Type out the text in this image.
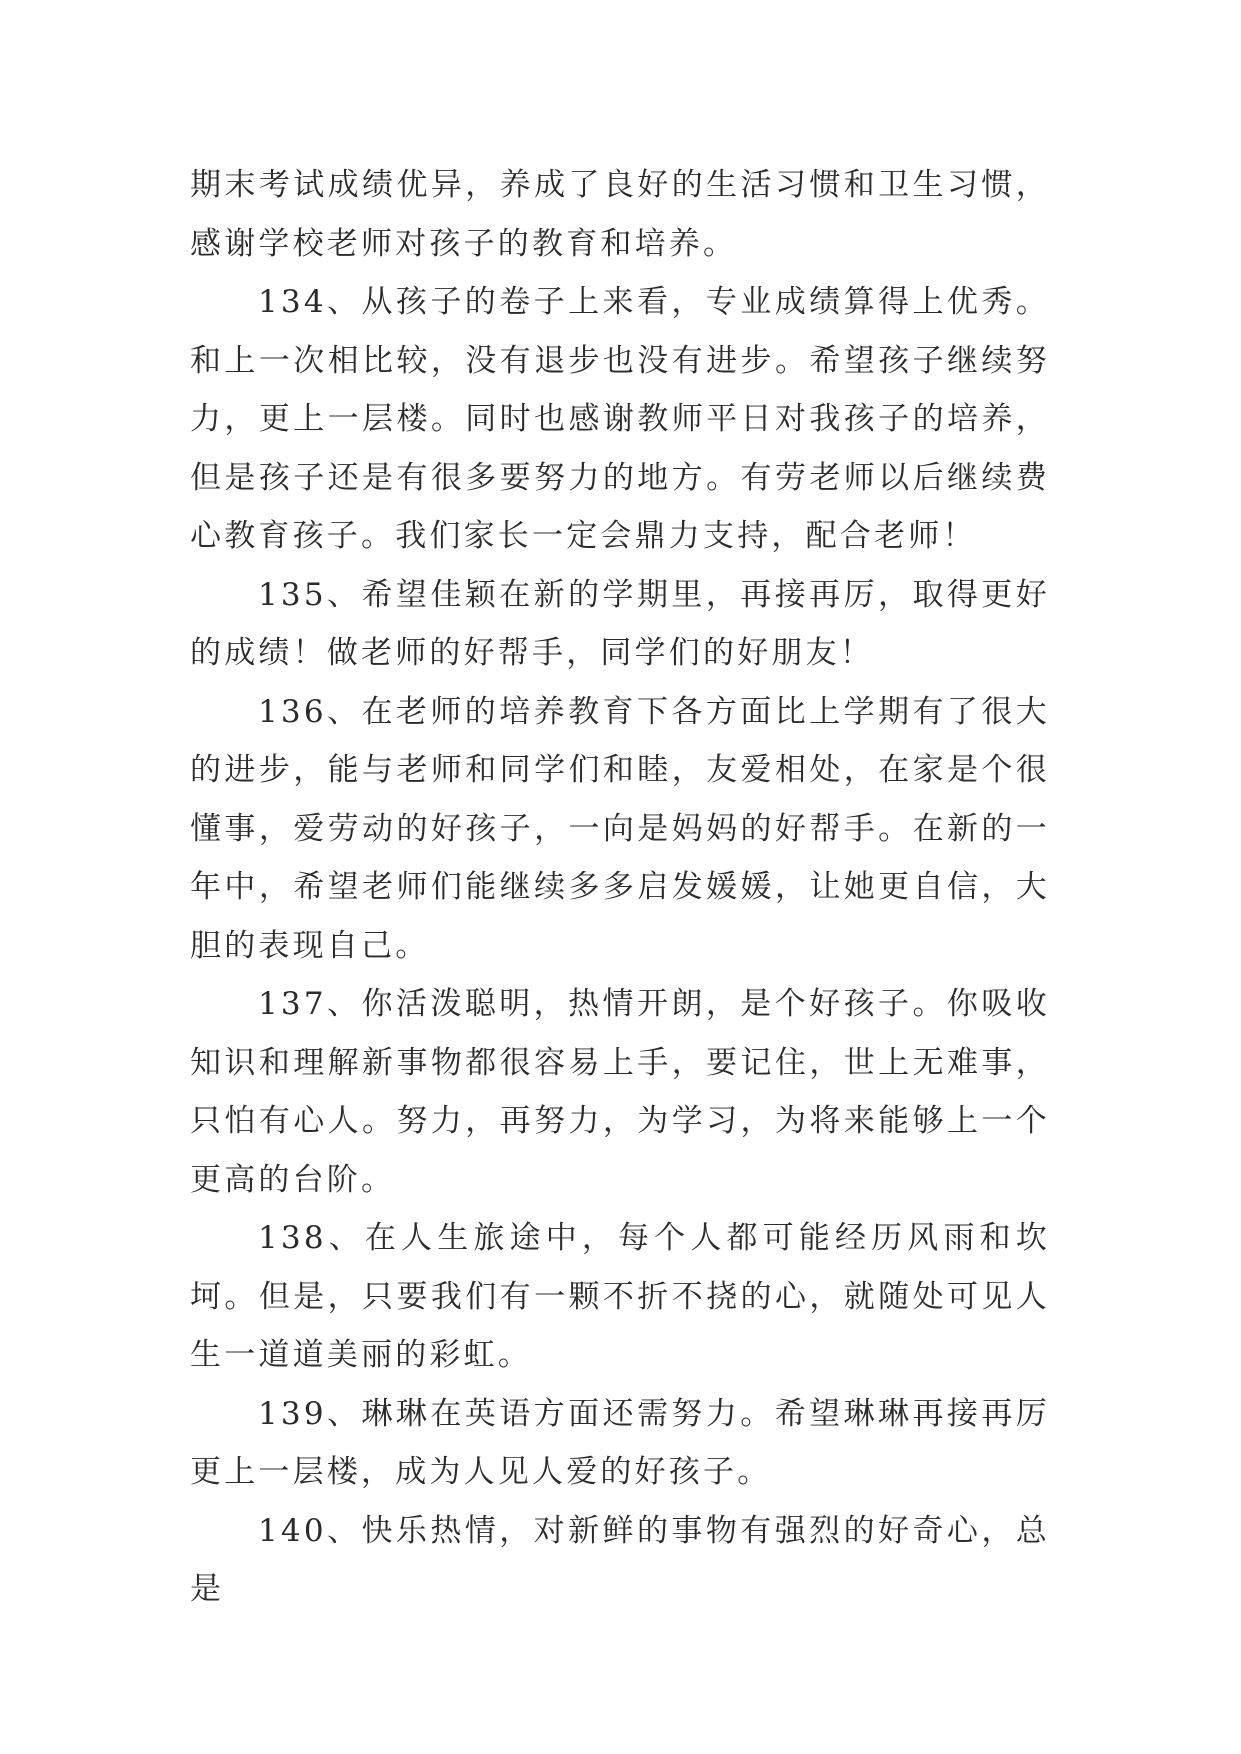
期末考试成绩优异，养成了良好的生活习惯和卫生习惯，感谢学校老师对孩子的教育和培养。

134、从孩子的卷子上来看，专业成绩算得上优秀。和上一次相比较，没有退步也没有进步。希望孩子继续努力，更上一层楼。同时也感谢教师平日对我孩子的培养，但是孩子还是有很多要努力的地方。有劳老师以后继续费心教育孩子。我们家长一定会鼎力支持，配合老师！

135、希望佳颖在新的学期里，再接再厉，取得更好的成绩！做老师的好帮手，同学们的好朋友！

136、在老师的培养教育下各方面比上学期有了很大的进步，能与老师和同学们和睦，友爱相处，在家是个很懂事，爱劳动的好孩子，一向是妈妈的好帮手。在新的一年中，希望老师们能继续多多启发媛媛，让她更自信，大胆的表现自己。

137、你活泼聪明，热情开朗，是个好孩子。你吸收知识和理解新事物都很容易上手，要记住，世上无难事，只怕有心人。努力，再努力，为学习，为将来能够上一个更高的台阶。

138、在人生旅途中，每个人都可能经历风雨和坎坷。但是，只要我们有一颗不折不挠的心，就随处可见人生一道道美丽的彩虹。

139、琳琳在英语方面还需努力。希望琳琳再接再厉更上一层楼，成为人见人爱的好孩子。

140、快乐热情，对新鲜的事物有强烈的好奇心，总是
